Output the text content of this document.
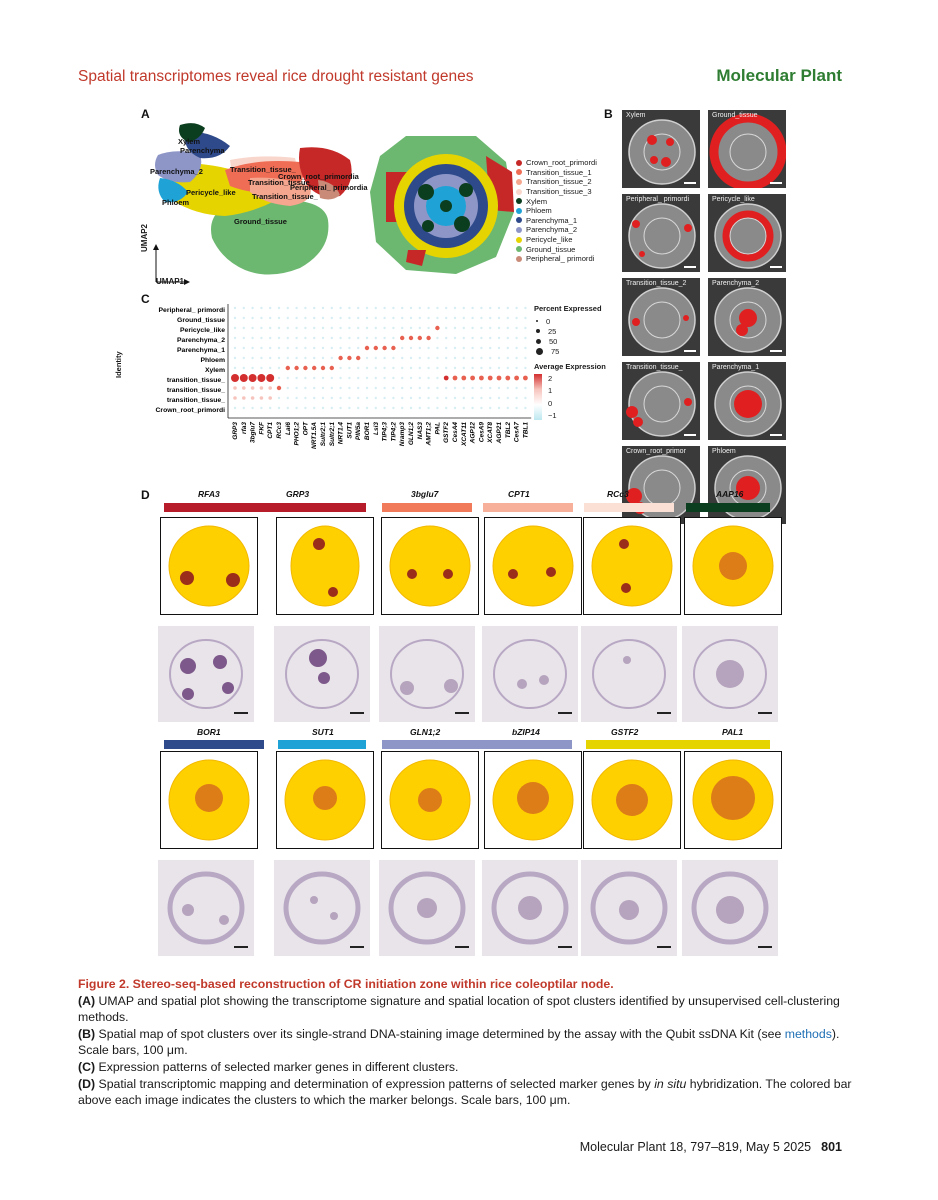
Spatial transcriptomes reveal rice drought resistant genes	Molecular Plant
A
Xylem
Parenchyma
Parenchyma_2	Transition_tissue_
Crown_root_primordia
Transition_tissue_
Peripheral_ primordia
Transition_tissue_
Pericycle_like
Phloem
Ground_tissue
UMAP2
UMAP1
Crown_root_primordi
Transition_tissue_1
Transition_tissue_2
Transition_tissue_3
Xylem
Phloem
Parenchyma_1
Parenchyma_2
Pericycle_like
Ground_tissue
Peripheral_ primordi
B Xylem	Ground_tissue
Peripheral_ primordi	Pericycle_like
Transition_tissue_2	Parenchyma_2
Transition_tissue_	Parenchyma_1
Crown_root_primor	Phloem
C
Identity
Peripheral_ primordi
Ground_tissue
Pericycle_like
Parenchyma_2
Parenchyma_1
Phloem
Xylem
transition_tissue_
transition_tissue_
transition_tissue_
Crown_root_primordi
GRP3 rfa3 3bglu7 FKF CPT1 RCc3 Lai6 PHO1;2 OPT NRT1.5A Sultr2;1 Sultr2;1 NRT1.4 SUT1 PIN5a BOR1 Lsi3 TIP4;3 TIP4;2 Nramp3 GLN1;2 NAS3 AMT1;2 PAL GSTF2 CesA4 XCAT11 AGP12 CesA9 XCAT8 AGP21 TBL2 CesA7 TBL1
Percent Expressed
0
25
50
75
Average Expression
2
1
0
−1
D	RFA3	GRP3	3bglu7	CPT1	RCc3	AAP16
BOR1	SUT1	GLN1;2	bZIP14	GSTF2	PAL1
Figure 2. Stereo-seq-based reconstruction of CR initiation zone within rice coleoptilar node.

(A) UMAP and spatial plot showing the transcriptome signature and spatial location of spot clusters identified by unsupervised cell-clustering methods.

(B) Spatial map of spot clusters over its single-strand DNA-staining image determined by the assay with the Qubit ssDNA Kit (see methods). Scale bars, 100 μm.

(C) Expression patterns of selected marker genes in different clusters.

(D) Spatial transcriptomic mapping and determination of expression patterns of selected marker genes by in situ hybridization. The colored bar above each image indicates the clusters to which the marker belongs. Scale bars, 100 μm.

Molecular Plant 18, 797–819, May 5 2025 801
